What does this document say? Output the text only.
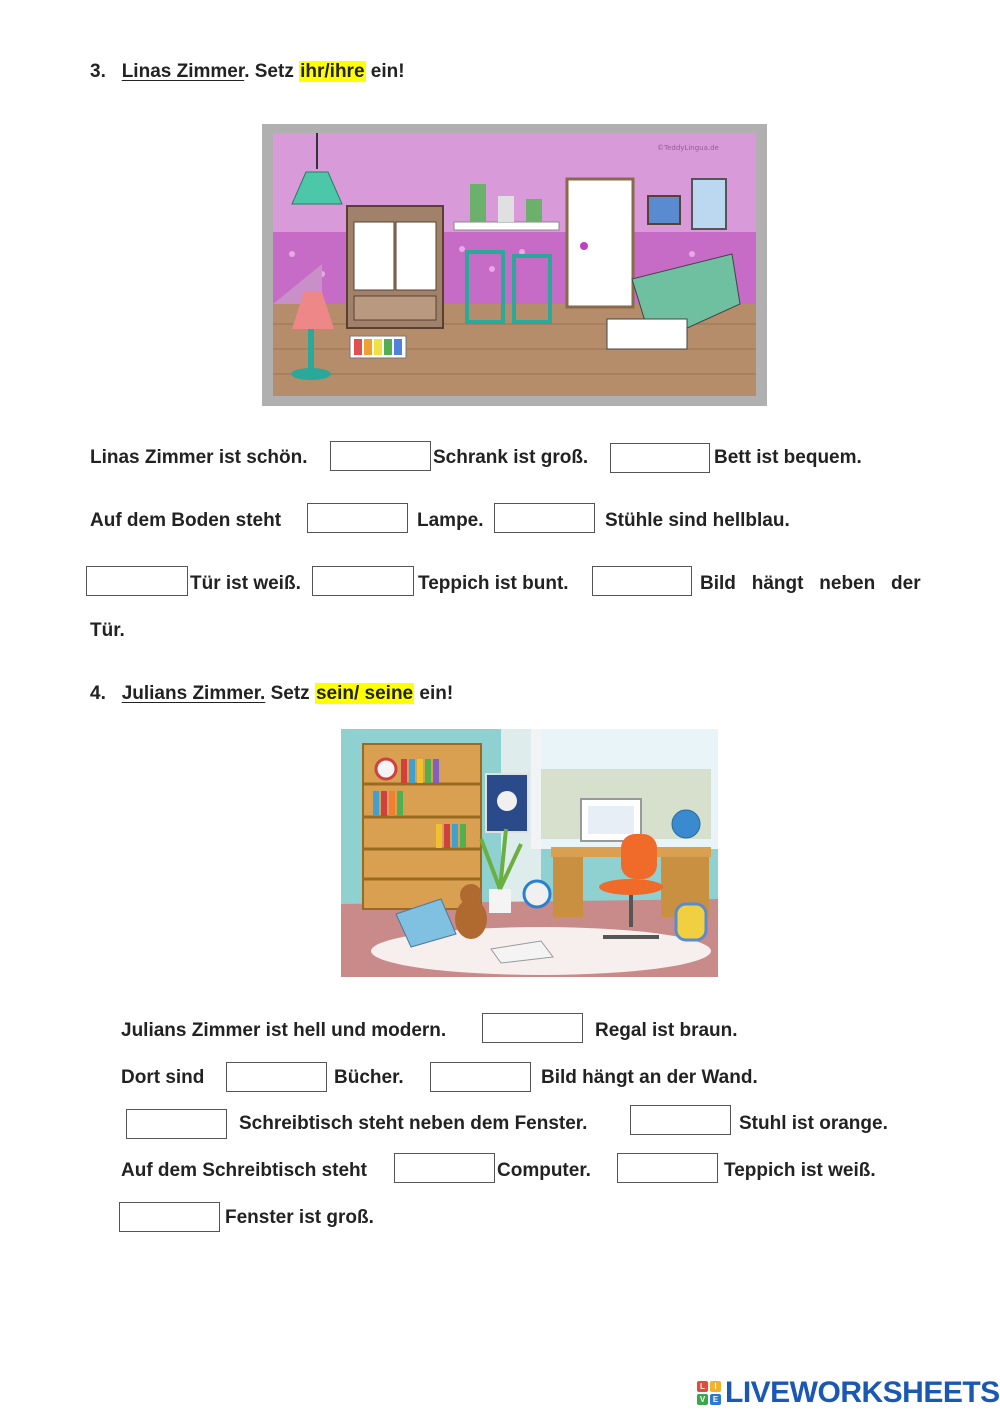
3. Linas Zimmer. Setz ihr/ihre ein!
©TeddyLingua.de
Linas Zimmer ist schön.	Schrank ist groß.	Bett ist bequem.
Auf dem Boden steht	Lampe.	Stühle sind hellblau.
Tür ist weiß.	Teppich ist bunt.	Bild   hängt   neben   der
Tür.
4. Julians Zimmer. Setz sein/ seine ein!
Julians Zimmer ist hell und modern.	Regal ist braun.
Dort sind	Bücher.	Bild hängt an der Wand.
Schreibtisch steht neben dem Fenster.	Stuhl ist orange.
Auf dem Schreibtisch steht	Computer.	Teppich ist weiß.
Fenster ist groß.
L	I
V E LIVEWORKSHEETS
